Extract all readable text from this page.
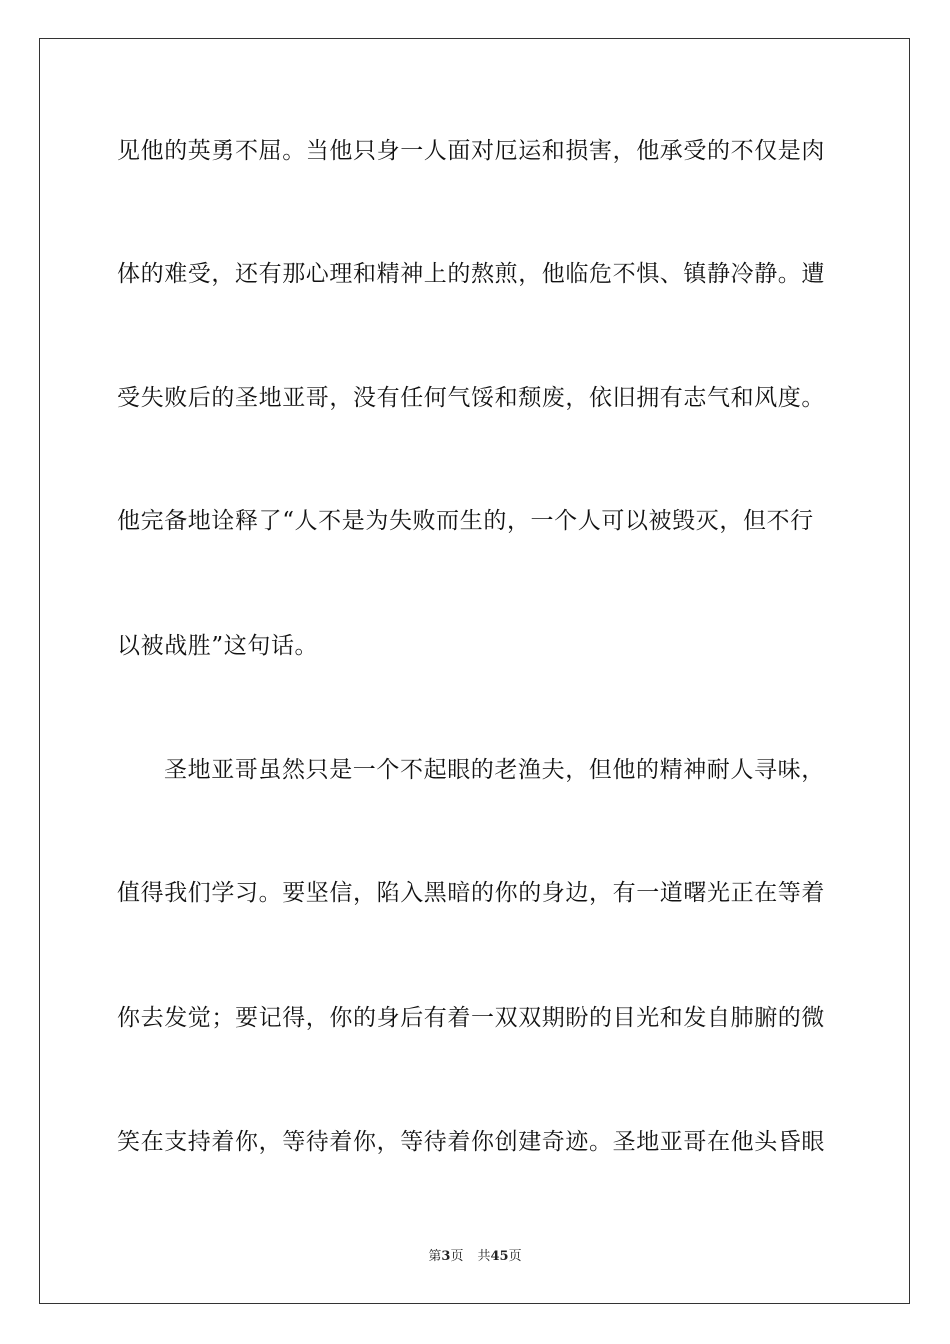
见他的英勇不屈。当他只身一人面对厄运和损害，他承受的不仅是肉
体的难受，还有那心理和精神上的熬煎，他临危不惧、镇静冷静。遭
受失败后的圣地亚哥，没有任何气馁和颓废，依旧拥有志气和风度。
他完备地诠释了“人不是为失败而生的，一个人可以被毁灭，但不行
以被战胜”这句话。
圣地亚哥虽然只是一个不起眼的老渔夫，但他的精神耐人寻味，
值得我们学习。要坚信，陷入黑暗的你的身边，有一道曙光正在等着
你去发觉；要记得，你的身后有着一双双期盼的目光和发自肺腑的微
笑在支持着你，等待着你，等待着你创建奇迹。圣地亚哥在他头昏眼
第3页 共45页
